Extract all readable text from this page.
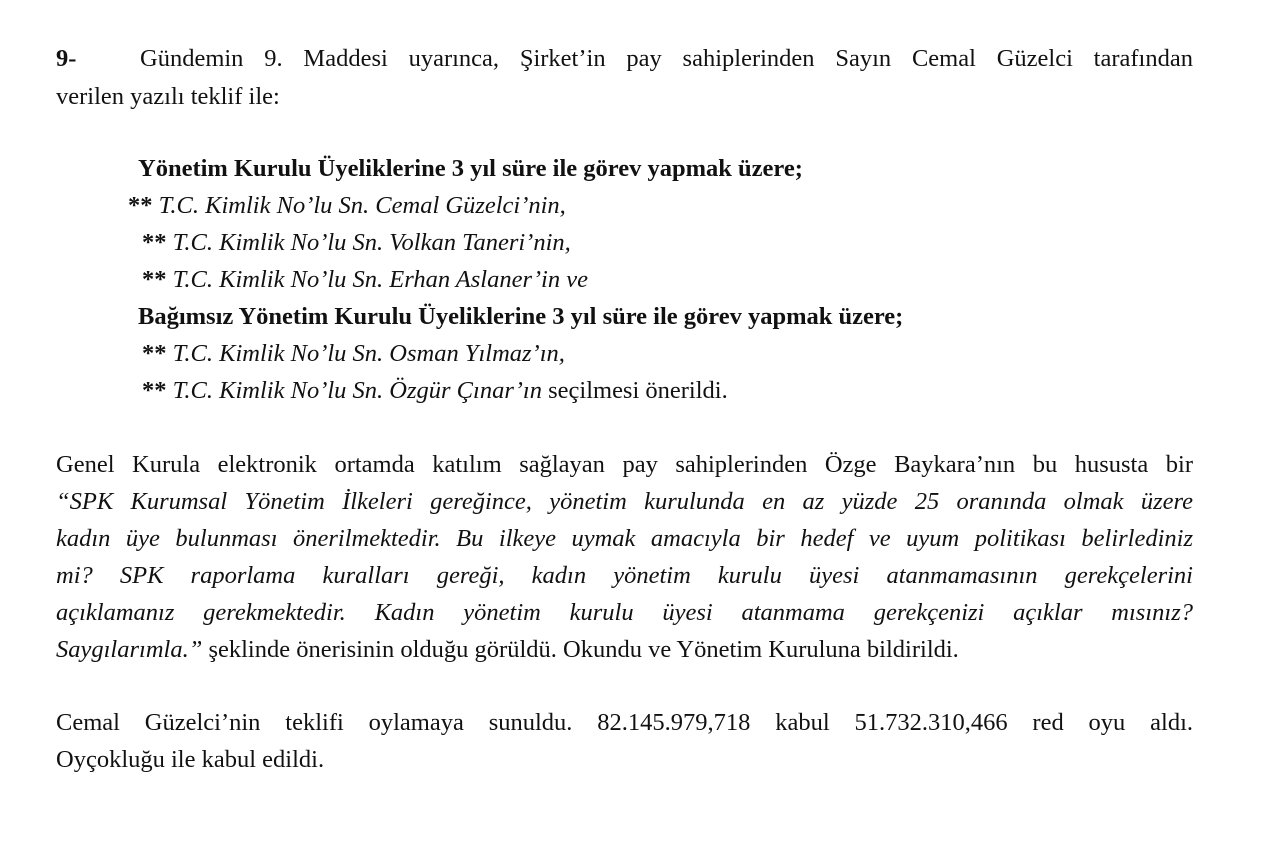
9-	Gündemin 9. Maddesi uyarınca, Şirket’in pay sahiplerinden Sayın Cemal Güzelci tarafından
verilen yazılı teklif ile:
Yönetim Kurulu Üyeliklerine 3 yıl süre ile görev yapmak üzere;
** T.C. Kimlik No’lu Sn. Cemal Güzelci’nin,
** T.C. Kimlik No’lu Sn. Volkan Taneri’nin,
** T.C. Kimlik No’lu Sn. Erhan Aslaner’in ve
Bağımsız Yönetim Kurulu Üyeliklerine 3 yıl süre ile görev yapmak üzere;
** T.C. Kimlik No’lu Sn. Osman Yılmaz’ın,
** T.C. Kimlik No’lu Sn. Özgür Çınar’ın seçilmesi önerildi.
Genel Kurula elektronik ortamda katılım sağlayan pay sahiplerinden Özge Baykara’nın bu hususta bir
“SPK Kurumsal Yönetim İlkeleri gereğince, yönetim kurulunda en az yüzde 25 oranında olmak üzere
kadın üye bulunması önerilmektedir. Bu ilkeye uymak amacıyla bir hedef ve uyum politikası belirlediniz
mi? SPK raporlama kuralları gereği, kadın yönetim kurulu üyesi atanmamasının gerekçelerini
açıklamanız gerekmektedir. Kadın yönetim kurulu üyesi atanmama gerekçenizi açıklar mısınız?
Saygılarımla.” şeklinde önerisinin olduğu görüldü. Okundu ve Yönetim Kuruluna bildirildi.
Cemal Güzelci’nin teklifi oylamaya sunuldu. 82.145.979,718 kabul 51.732.310,466 red oyu aldı.
Oyçokluğu ile kabul edildi.
